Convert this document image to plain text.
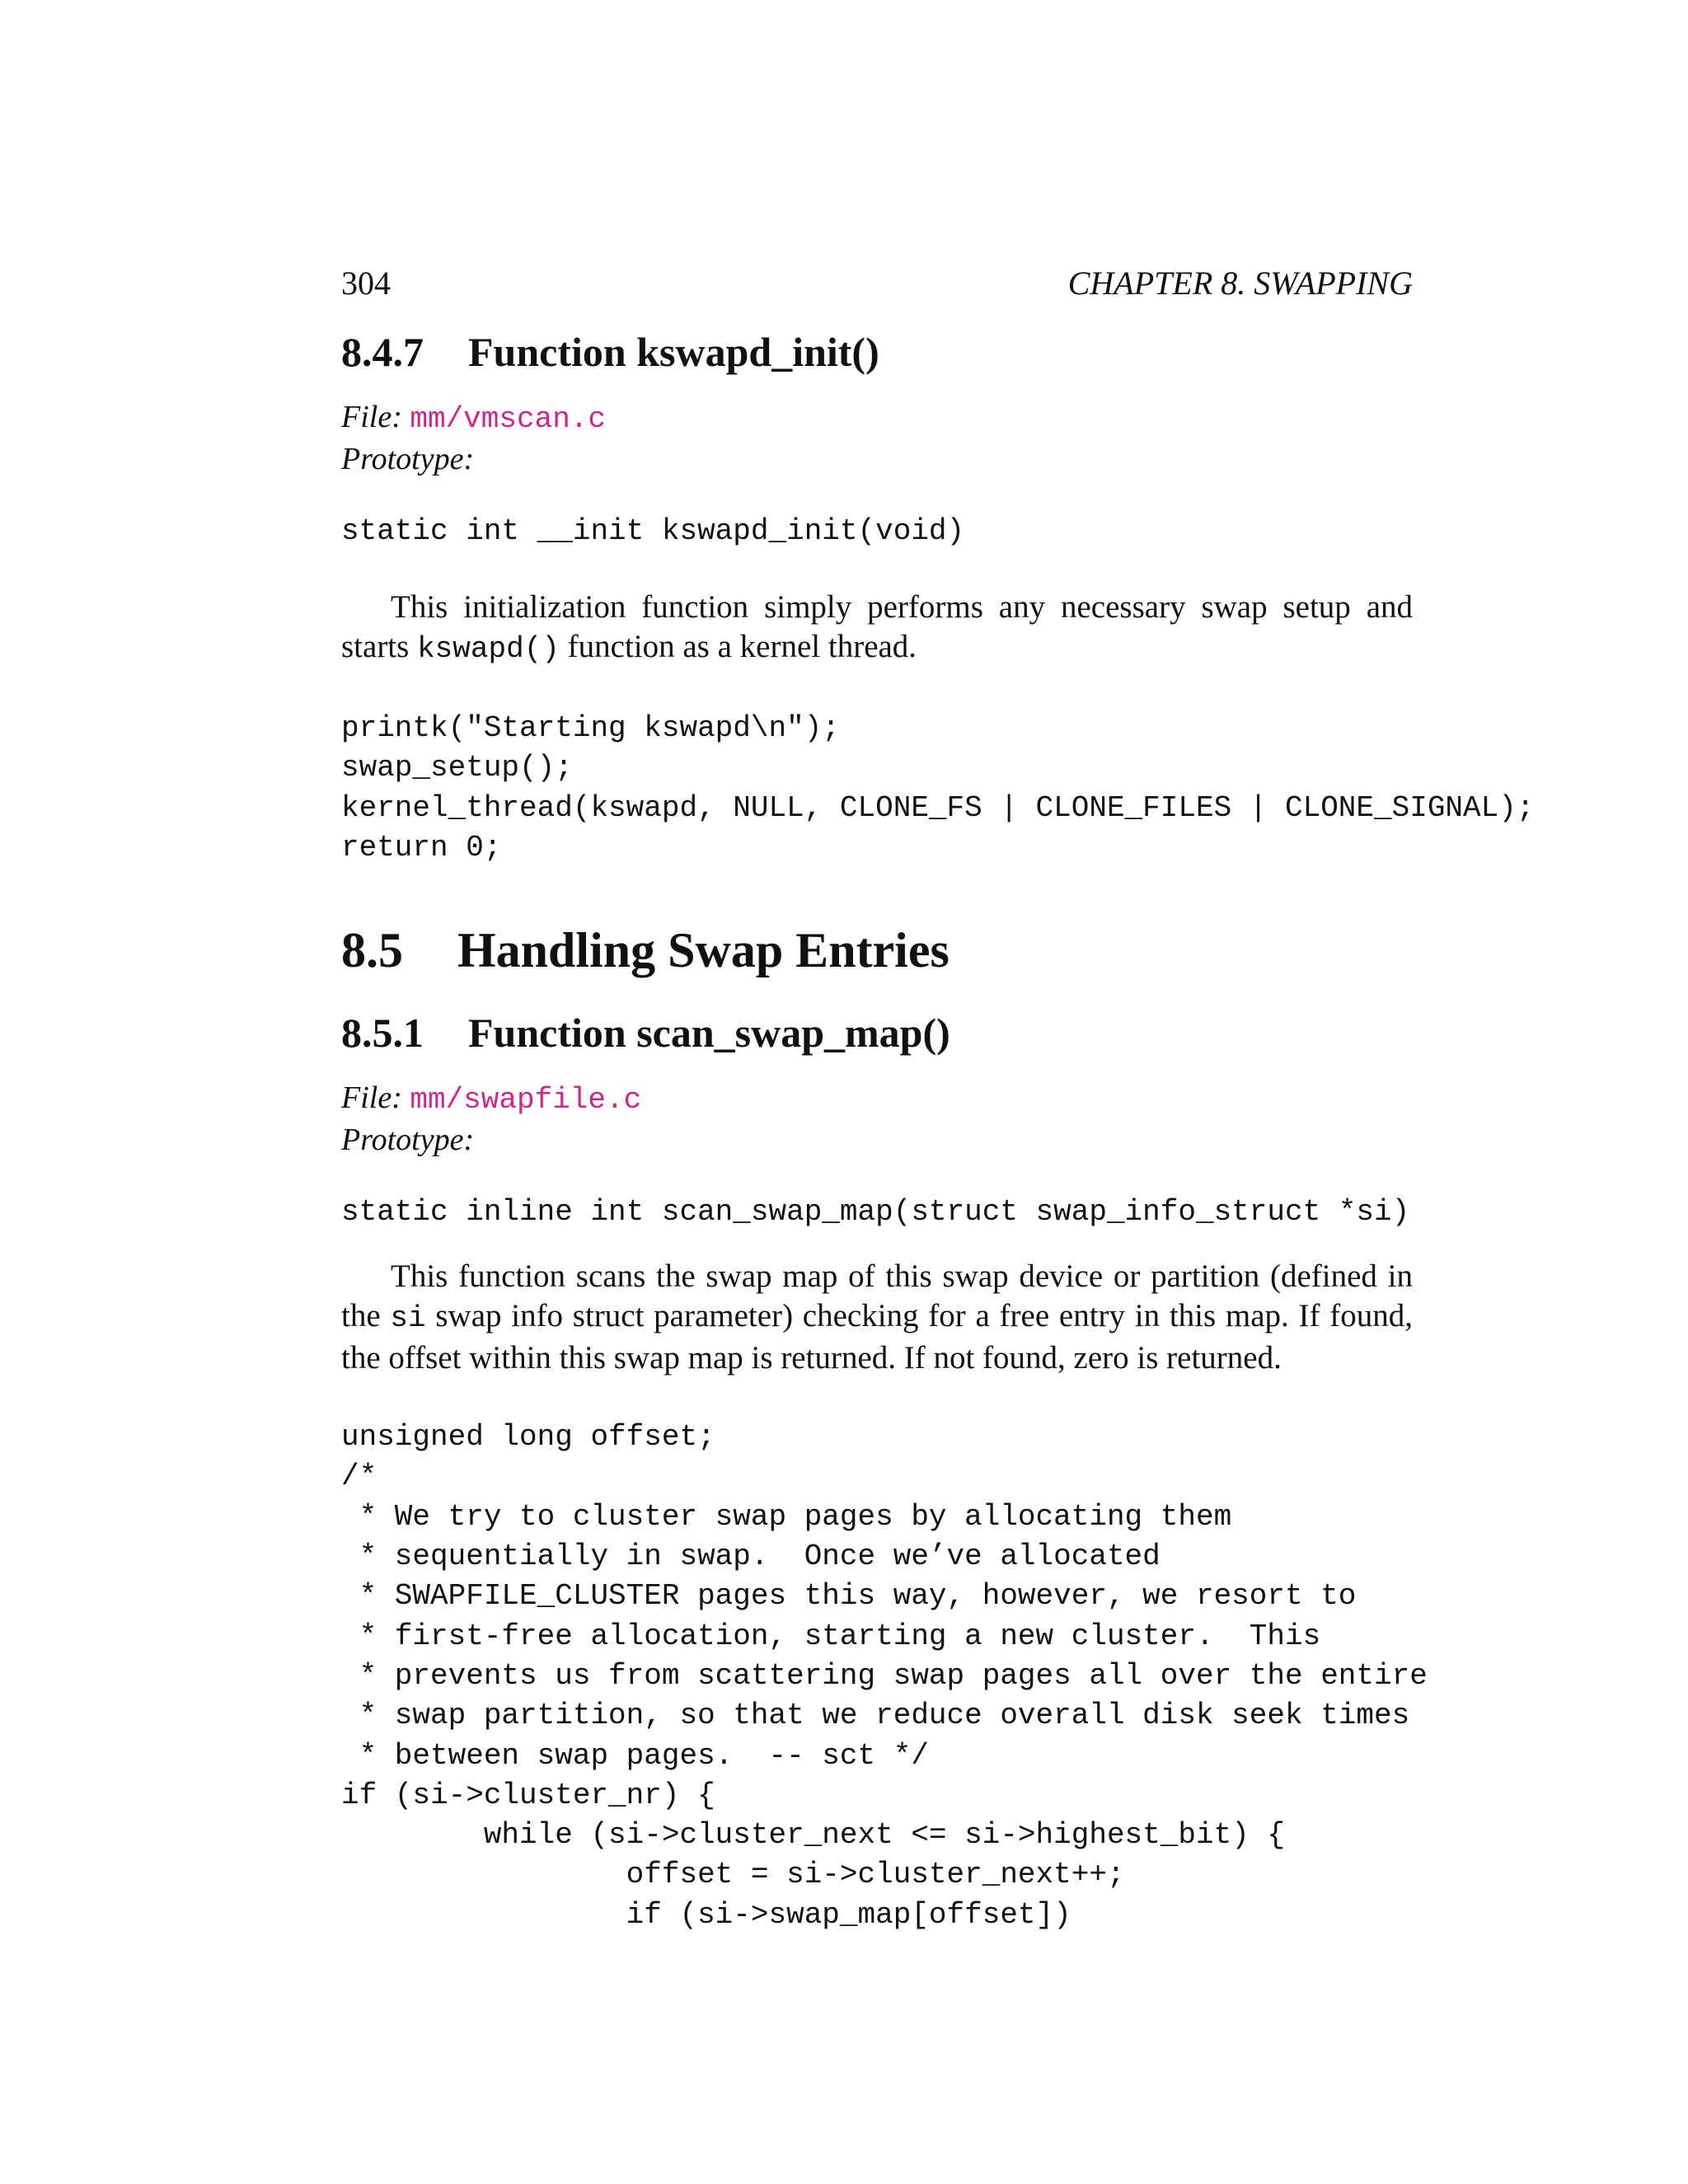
304	CHAPTER 8. SWAPPING
8.4.7 Function kswapd_init()
File: mm/vmscan.c
Prototype:
static int __init kswapd_init(void)

This initialization function simply performs any necessary swap setup and starts kswapd() function as a kernel thread.

printk("Starting kswapd\n");
swap_setup();
kernel_thread(kswapd, NULL, CLONE_FS | CLONE_FILES | CLONE_SIGNAL);
return 0;
8.5 Handling Swap Entries
8.5.1 Function scan_swap_map()
File: mm/swapfile.c
Prototype:
static inline int scan_swap_map(struct swap_info_struct *si)

This function scans the swap map of this swap device or partition (defined in the si swap info struct parameter) checking for a free entry in this map. If found, the offset within this swap map is returned. If not found, zero is returned.

unsigned long offset;
/*
* We try to cluster swap pages by allocating them
* sequentially in swap.  Once we’ve allocated
* SWAPFILE_CLUSTER pages this way, however, we resort to
* first-free allocation, starting a new cluster.  This
* prevents us from scattering swap pages all over the entire
* swap partition, so that we reduce overall disk seek times
* between swap pages.  -- sct */
if (si->cluster_nr) {
while (si->cluster_next <= si->highest_bit) {
offset = si->cluster_next++;
if (si->swap_map[offset])
